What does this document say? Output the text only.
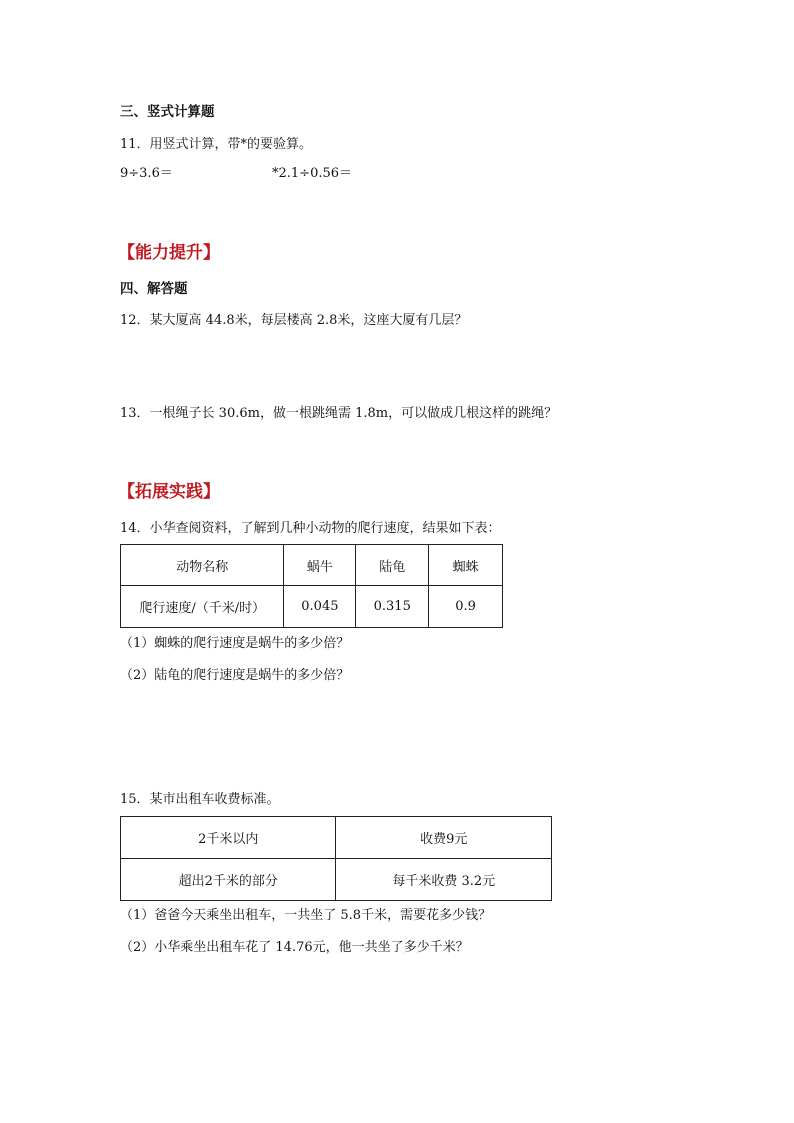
三、竖式计算题
11．用竖式计算，带*的要验算。
9÷3.6＝	*2.1÷0.56＝
【能力提升】
四、解答题
12．某大厦高 44.8米，每层楼高 2.8米，这座大厦有几层？
13．一根绳子长 30.6m，做一根跳绳需 1.8m，可以做成几根这样的跳绳？
【拓展实践】
14．小华查阅资料，了解到几种小动物的爬行速度，结果如下表：
动物名称	蜗牛	陆龟	蜘蛛
爬行速度/（千米/时）	0.045	0.315	0.9
（1）蜘蛛的爬行速度是蜗牛的多少倍？
（2）陆龟的爬行速度是蜗牛的多少倍？
15．某市出租车收费标准。
2千米以内	收费9元
超出2千米的部分	每千米收费 3.2元
（1）爸爸今天乘坐出租车，一共坐了 5.8千米，需要花多少钱？
（2）小华乘坐出租车花了 14.76元，他一共坐了多少千米？
